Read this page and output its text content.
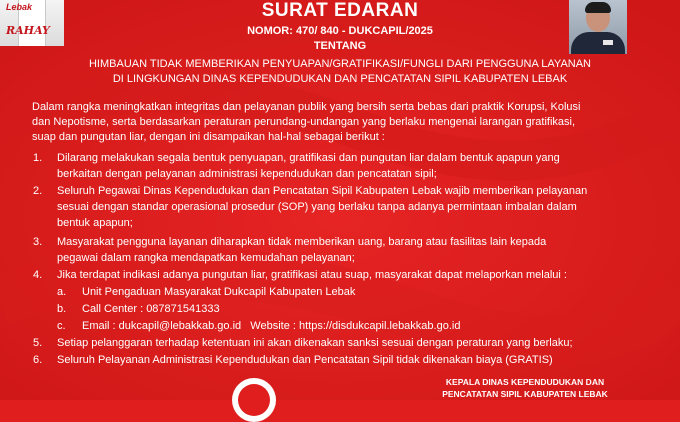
Lebak
RAHAY
SURAT EDARAN
NOMOR: 470/ 840 - DUKCAPIL/2025
TENTANG
HIMBAUAN TIDAK MEMBERIKAN PENYUAPAN/GRATIFIKASI/FUNGLI DARI PENGGUNA LAYANAN
DI LINGKUNGAN DINAS KEPENDUDUKAN DAN PENCATATAN SIPIL KABUPATEN LEBAK
Dalam rangka meningkatkan integritas dan pelayanan publik yang bersih serta bebas dari praktik Korupsi, Kolusi
dan Nepotisme, serta berdasarkan peraturan perundang-undangan yang berlaku mengenai larangan gratifikasi,
suap dan pungutan liar, dengan ini disampaikan hal-hal sebagai berikut :
1. Dilarang melakukan segala bentuk penyuapan, gratifikasi dan pungutan liar dalam bentuk apapun yang
berkaitan dengan pelayanan administrasi kependudukan dan pencatatan sipil;
2. Seluruh Pegawai Dinas Kependudukan dan Pencatatan Sipil Kabupaten Lebak wajib memberikan pelayanan
sesuai dengan standar operasional prosedur (SOP) yang berlaku tanpa adanya permintaan imbalan dalam
bentuk apapun;
3. Masyarakat pengguna layanan diharapkan tidak memberikan uang, barang atau fasilitas lain kepada
pegawai dalam rangka mendapatkan kemudahan pelayanan;
4. Jika terdapat indikasi adanya pungutan liar, gratifikasi atau suap, masyarakat dapat melaporkan melalui :
a. Unit Pengaduan Masyarakat Dukcapil Kabupaten Lebak
b. Call Center : 087871541333
c. Email : dukcapil@lebakkab.go.id   Website : https://disdukcapil.lebakkab.go.id
5. Setiap pelanggaran terhadap ketentuan ini akan dikenakan sanksi sesuai dengan peraturan yang berlaku;
6. Seluruh Pelayanan Administrasi Kependudukan dan Pencatatan Sipil tidak dikenakan biaya (GRATIS)
KEPALA DINAS KEPENDUDUKAN DAN
PENCATATAN SIPIL KABUPATEN LEBAK
